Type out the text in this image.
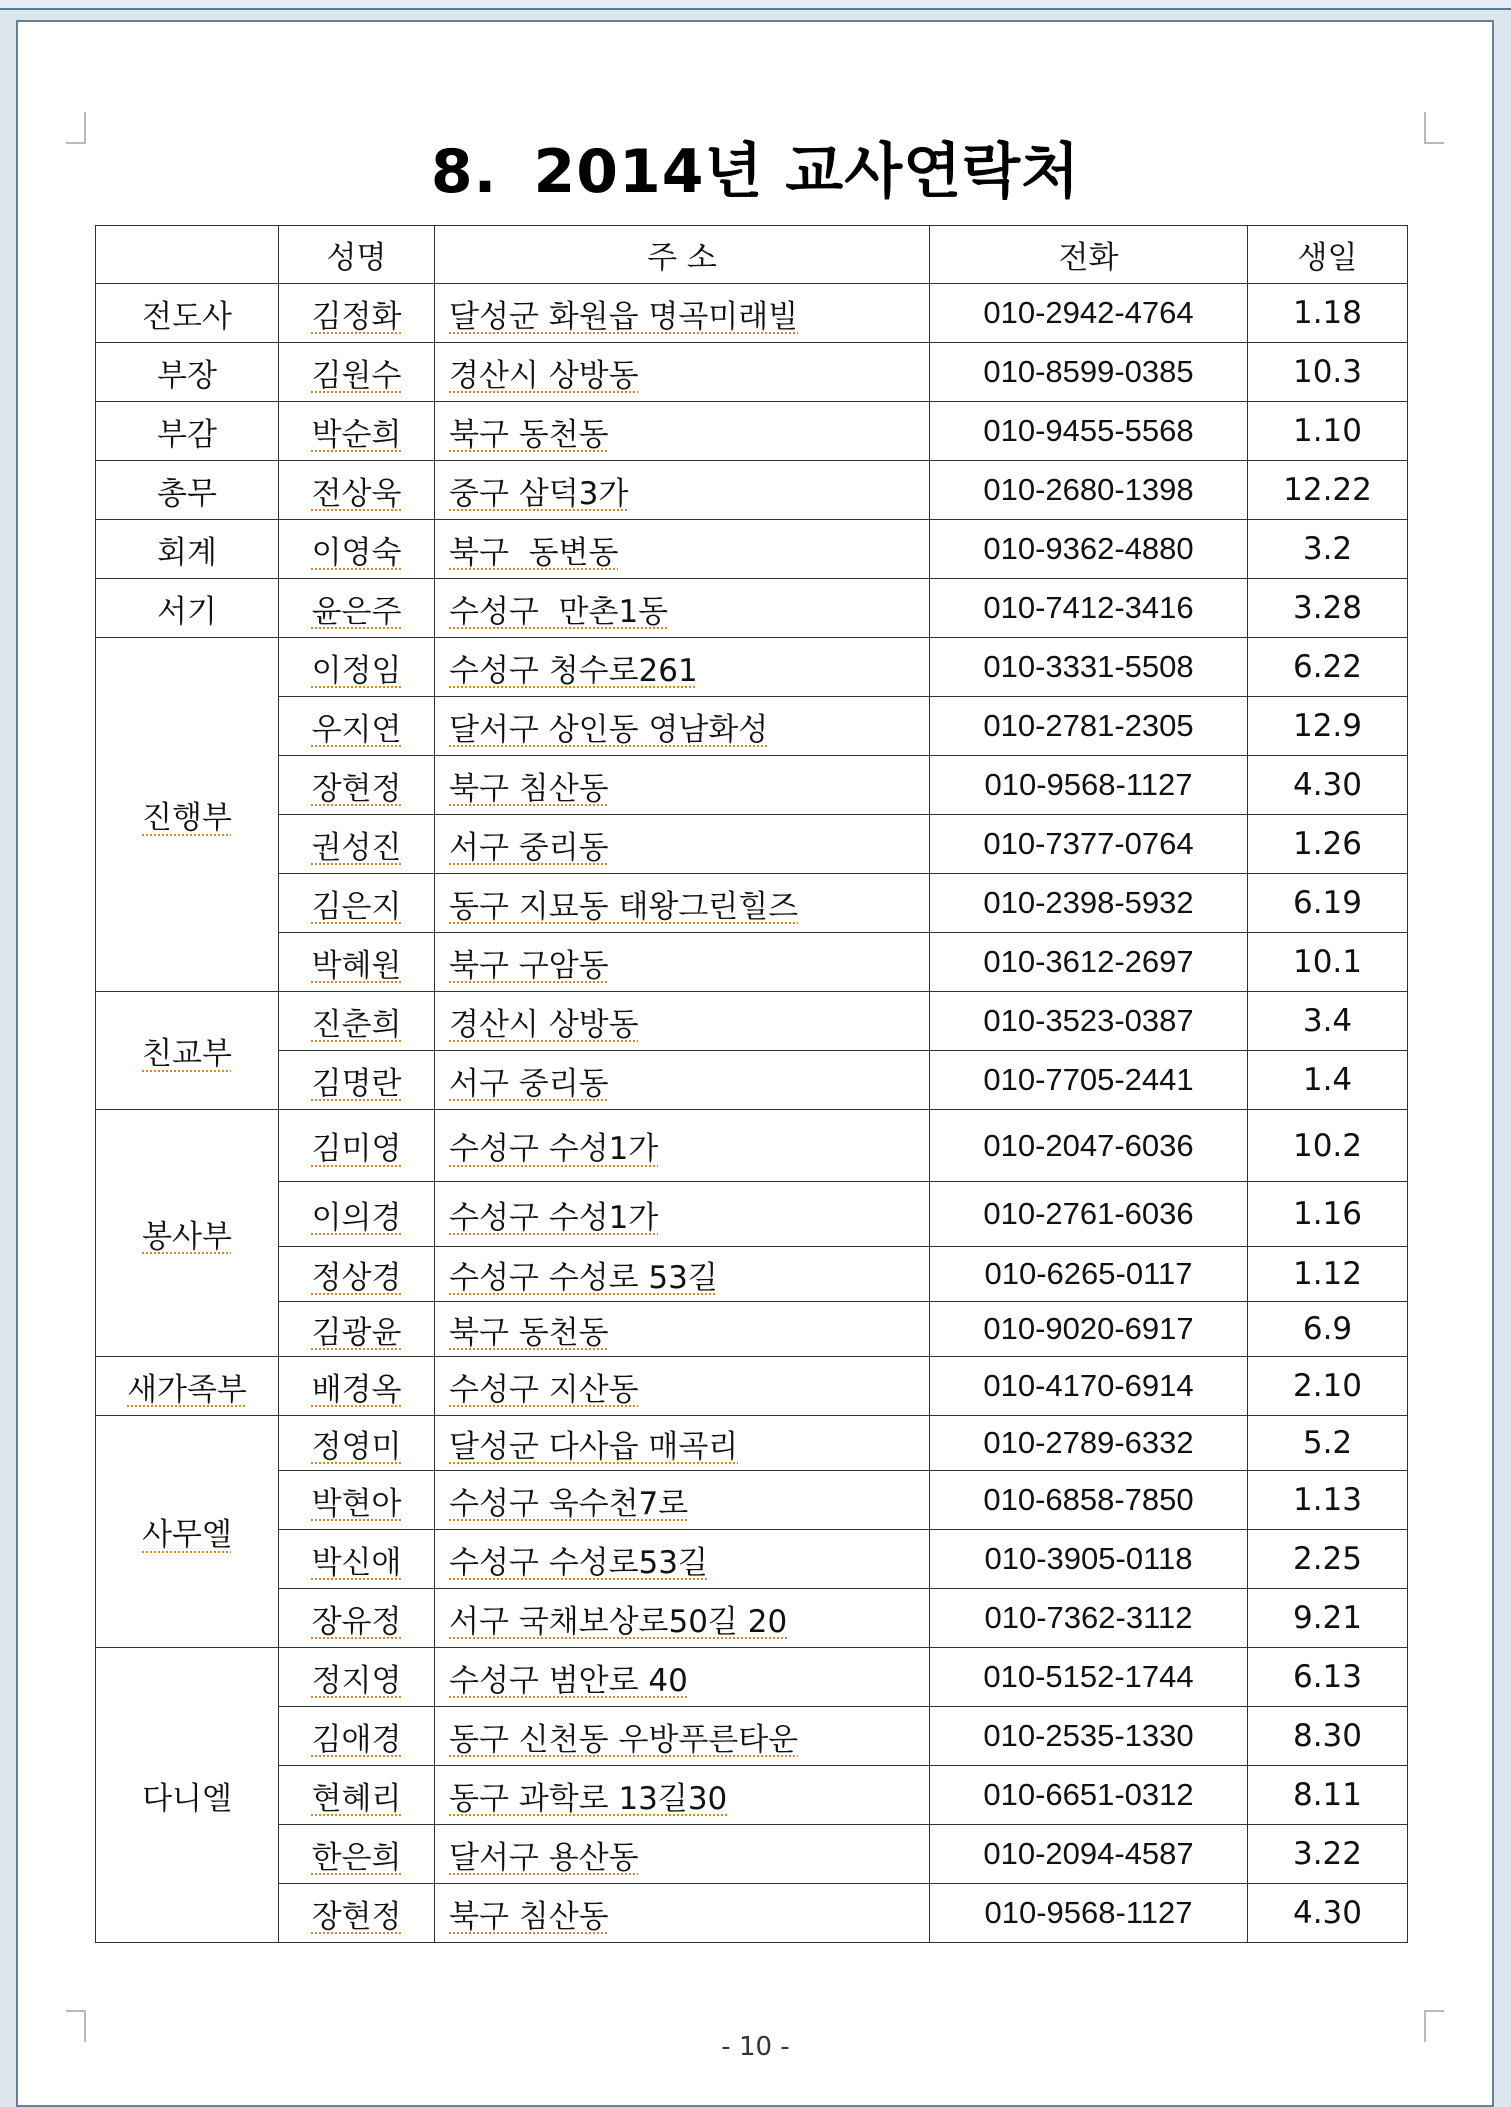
8. 2014년 교사연락처
	성명	주 소	전화	생일
전도사	김정화	달성군 화원읍 명곡미래빌	010-2942-4764	1.18
부장	김원수	경산시 상방동	010-8599-0385	10.3
부감	박순희	북구 동천동	010-9455-5568	1.10
총무	전상욱	중구 삼덕3가	010-2680-1398	12.22
회계	이영숙	북구  동변동	010-9362-4880	3.2
서기	윤은주	수성구  만촌1동	010-7412-3416	3.28
진행부	이정임	수성구 청수로261	010-3331-5508	6.22
	우지연	달서구 상인동 영남화성	010-2781-2305	12.9
	장현정	북구 침산동	010-9568-1127	4.30
	권성진	서구 중리동	010-7377-0764	1.26
	김은지	동구 지묘동 태왕그린힐즈	010-2398-5932	6.19
	박혜원	북구 구암동	010-3612-2697	10.1
친교부	진춘희	경산시 상방동	010-3523-0387	3.4
	김명란	서구 중리동	010-7705-2441	1.4
봉사부	김미영	수성구 수성1가	010-2047-6036	10.2
	이의경	수성구 수성1가	010-2761-6036	1.16
	정상경	수성구 수성로 53길	010-6265-0117	1.12
	김광윤	북구 동천동	010-9020-6917	6.9
새가족부	배경옥	수성구 지산동	010-4170-6914	2.10
사무엘	정영미	달성군 다사읍 매곡리	010-2789-6332	5.2
	박현아	수성구 욱수천7로	010-6858-7850	1.13
	박신애	수성구 수성로53길	010-3905-0118	2.25
	장유정	서구 국채보상로50길 20	010-7362-3112	9.21
다니엘	정지영	수성구 범안로 40	010-5152-1744	6.13
	김애경	동구 신천동 우방푸른타운	010-2535-1330	8.30
	현혜리	동구 과학로 13길30	010-6651-0312	8.11
	한은희	달서구 용산동	010-2094-4587	3.22
	장현정	북구 침산동	010-9568-1127	4.30
- 10 -
